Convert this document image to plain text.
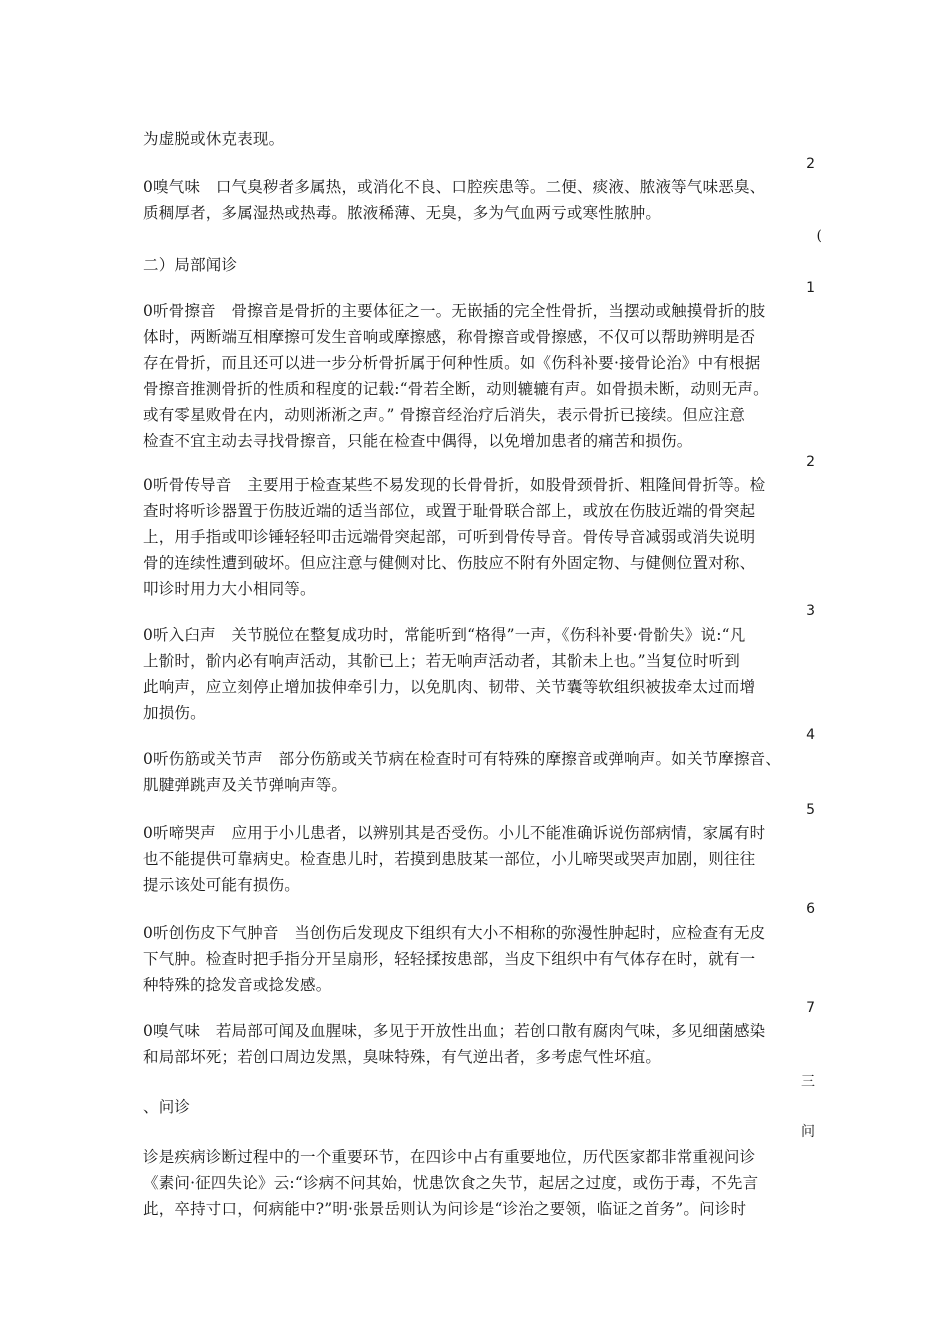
为虚脱或休克表现。
2
0嗅气味　口气臭秽者多属热，或消化不良、口腔疾患等。二便、痰液、脓液等气味恶臭、
质稠厚者，多属湿热或热毒。脓液稀薄、无臭，多为气血两亏或寒性脓肿。
(
二）局部闻诊
1
0听骨擦音　骨擦音是骨折的主要体征之一。无嵌插的完全性骨折，当摆动或触摸骨折的肢
体时，两断端互相摩擦可发生音响或摩擦感，称骨擦音或骨擦感，不仅可以帮助辨明是否
存在骨折，而且还可以进一步分析骨折属于何种性质。如《伤科补要·接骨论治》中有根据
骨擦音推测骨折的性质和程度的记载:“骨若全断，动则辘辘有声。如骨损未断，动则无声。
或有零星败骨在内，动则淅淅之声。” 骨擦音经治疗后消失，表示骨折已接续。但应注意
检查不宜主动去寻找骨擦音，只能在检查中偶得，以免增加患者的痛苦和损伤。
2
0听骨传导音　主要用于检查某些不易发现的长骨骨折，如股骨颈骨折、粗隆间骨折等。检
查时将听诊器置于伤肢近端的适当部位，或置于耻骨联合部上，或放在伤肢近端的骨突起
上，用手指或叩诊锤轻轻叩击远端骨突起部，可听到骨传导音。骨传导音减弱或消失说明
骨的连续性遭到破坏。但应注意与健侧对比、伤肢应不附有外固定物、与健侧位置对称、
叩诊时用力大小相同等。
3
0听入臼声　关节脱位在整复成功时，常能听到“格得”一声，《伤科补要·骨骱失》说:“凡
上骱时，骱内必有响声活动，其骱已上；若无响声活动者，其骱未上也。”当复位时听到
此响声，应立刻停止增加拔伸牵引力，以免肌肉、韧带、关节囊等软组织被拔牵太过而增
加损伤。
4
0听伤筋或关节声　部分伤筋或关节病在检查时可有特殊的摩擦音或弹响声。如关节摩擦音、
肌腱弹跳声及关节弹响声等。
5
0听啼哭声　应用于小儿患者，以辨别其是否受伤。小儿不能准确诉说伤部病情，家属有时
也不能提供可靠病史。检查患儿时，若摸到患肢某一部位，小儿啼哭或哭声加剧，则往往
提示该处可能有损伤。
6
0听创伤皮下气肿音　当创伤后发现皮下组织有大小不相称的弥漫性肿起时，应检查有无皮
下气肿。检查时把手指分开呈扇形，轻轻揉按患部，当皮下组织中有气体存在时，就有一
种特殊的捻发音或捻发感。
7
0嗅气味　若局部可闻及血腥味，多见于开放性出血；若创口散有腐肉气味，多见细菌感染
和局部坏死；若创口周边发黑，臭味特殊，有气逆出者，多考虑气性坏疽。
三
、问诊
问
诊是疾病诊断过程中的一个重要环节，在四诊中占有重要地位，历代医家都非常重视问诊
《素问·征四失论》云:“诊病不问其始，忧患饮食之失节，起居之过度，或伤于毒，不先言
此，卒持寸口，何病能中?”明·张景岳则认为问诊是“诊治之要领，临证之首务”。问诊时
